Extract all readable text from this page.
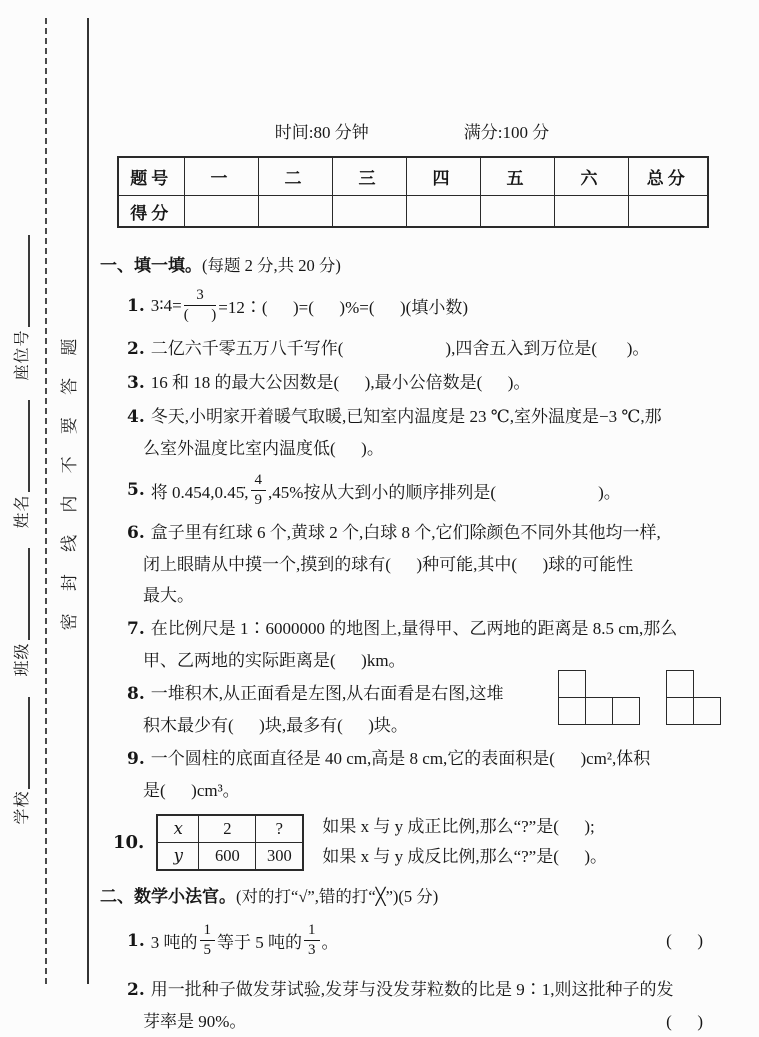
学校
班级
姓名
座位号 密 封 线 内 不 要 答 题
时间:80 分钟	满分:100 分
题号	一	二	三	四	五	六	总分
得分							
一、填一填。(每题 2 分,共 20 分)
1. 3∶4= $\frac{3}{( )}$ =12∶(      )=(      )%=(      )(填小数)
2. 二亿六千零五万八千写作(                        ),四舍五入到万位是(       )。
3. 16 和 18 的最大公因数是(      ),最小公倍数是(      )。
4. 冬天,小明家开着暖气取暖,已知室内温度是 23 ℃,室外温度是−3 ℃,那
么室外温度比室内温度低(      )。
5. 将 0.454,0.45̇, $\frac{4}{9} ,45\%$按从大到小的顺序排列是(                        )。
6. 盒子里有红球 6 个,黄球 2 个,白球 8 个,它们除颜色不同外其他均一样,
闭上眼睛从中摸一个,摸到的球有(      )种可能,其中(      )球的可能性
最大。
7. 在比例尺是 1∶6000000 的地图上,量得甲、乙两地的距离是 8.5 cm,那么
甲、乙两地的实际距离是(      )km。
8. 一堆积木,从正面看是左图,从右面看是右图,这堆
积木最少有(      )块,最多有(      )块。
9. 一个圆柱的底面直径是 40 cm,高是 8 cm,它的表面积是(      )cm²,体积
是(      )cm³。
10.
x	2	?
y	600	300
如果 x 与 y 成正比例,那么“?”是(      );
如果 x 与 y 成反比例,那么“?”是(      )。
二、数学小法官。(对的打“√”,错的打“╳”)(5 分)
1. 3 吨的 $\frac{1}{5}$ 等于 5 吨的 $\frac{1}{3}$ 。	(      )
2. 用一批种子做发芽试验,发芽与没发芽粒数的比是 9∶1,则这批种子的发
芽率是 90%。	(      )
